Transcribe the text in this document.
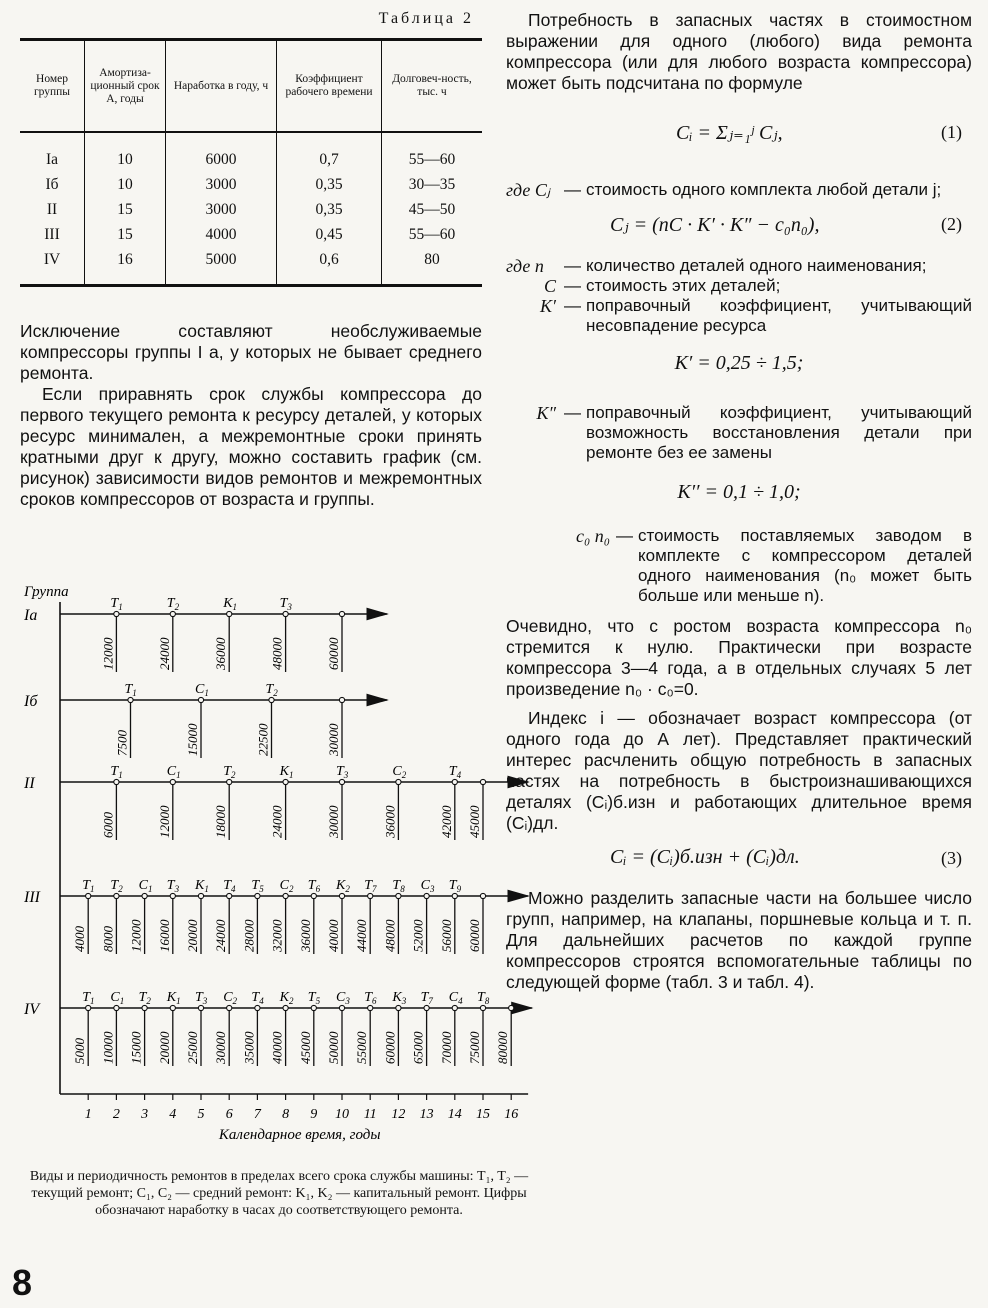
Таблица 2
Номер группы	Амортиза-ционный срок А, годы	Наработка в году, ч	Коэффициент рабочего времени	Долговеч-ность, тыс. ч
Iа	10	6000	0,7	55—60
Iб	10	3000	0,35	30—35
II	15	3000	0,35	45—50
III	15	4000	0,45	55—60
IV	16	5000	0,6	80

Исключение составляют необслуживаемые компрессоры группы I а, у которых не бывает среднего ремонта.

Если приравнять срок службы компрессора до первого текущего ремонта к ресурсу деталей, у которых ресурс минимален, а межремонтные сроки принять кратными друг к другу, можно составить график (см. рисунок) зависимости видов ремонтов и межремонтных сроков компрессоров от возраста и группы.

Группа
1 2 3 4 5 6 7 8 9 10 11 12 13 14 15 16
Календарное время, годы
Iа
$T_1$
12000
$T_2$
24000
$K_1$
36000
$T_3$
48000	60000
Iб
$T_1$
7500
$C_1$
15000
$T_2$
22500	30000
II
$T_1$
6000
$C_1$
12000
$T_2$
18000
$K_1$
24000
$T_3$
30000
$C_2$
36000
$T_4$
42000 45000
III
$T_1$
4000
$T_2$
8000
$C_1$
12000
$T_3$
16000
$K_1$
20000
$T_4$
24000
$T_5$
28000
$C_2$
32000
$T_6$
36000
$K_2$
40000
$T_7$
44000
$T_8$
48000
$C_3$
52000
$T_9$
56000 60000
IV
$T_1$
5000
$C_1$
10000
$T_2$
15000
$K_1$
20000
$T_3$
25000
$C_2$
30000
$T_4$
35000
$K_2$
40000
$T_5$
45000
$C_3$
50000
$T_6$
55000
$K_3$
60000
$T_7$
65000
$C_4$
70000
$T_8$
75000 80000
Виды и периодичность ремонтов в пределах всего срока службы машины: T₁, T₂ — текущий ремонт; C₁, C₂ — средний ремонт: K₁, K₂ — капитальный ремонт. Цифры обозначают наработку в часах до соответствующего ремонта.
8

Потребность в запасных частях в стоимостном выражении для одного (любого) вида ремонта компрессора (или для любого возраста компрессора) может быть подсчитана по формуле

Cᵢ = Σⱼ₌₁ʲ Cⱼ,	(1)
где Cⱼ — стоимость одного комплекта любой детали j;
Cⱼ = (nC · K′ · K″ − c₀n₀),	(2)
где n	— количество деталей одного наименования;
C — стоимость этих деталей;
K′ — поправочный коэффициент, учитывающий несовпадение ресурса
K′ = 0,25 ÷ 1,5;
K″ — поправочный коэффициент, учитывающий возможность восстановления детали при ремонте без ее замены
K′′ = 0,1 ÷ 1,0;
c₀ n₀ — стоимость поставляемых заводом в комплекте с компрессором деталей одного наименования (n₀ может быть больше или меньше n).

Очевидно, что с ростом возраста компрессора n₀ стремится к нулю. Практически при возрасте компрессора 3—4 года, а в отдельных случаях 5 лет произведение n₀ · c₀=0.

Индекс i — обозначает возраст компрессора (от одного года до А лет). Представляет практический интерес расчленить общую потребность в запасных частях на потребность в быстроизнашивающихся деталях (Cᵢ)б.изн и работающих длительное время (Cᵢ)дл.

Cᵢ = (Cᵢ)б.изн + (Cᵢ)дл.	(3)

Можно разделить запасные части на большее число групп, например, на клапаны, поршневые кольца и т. п. Для дальнейших расчетов по каждой группе компрессоров строятся вспомогательные таблицы по следующей форме (табл. 3 и табл. 4).
